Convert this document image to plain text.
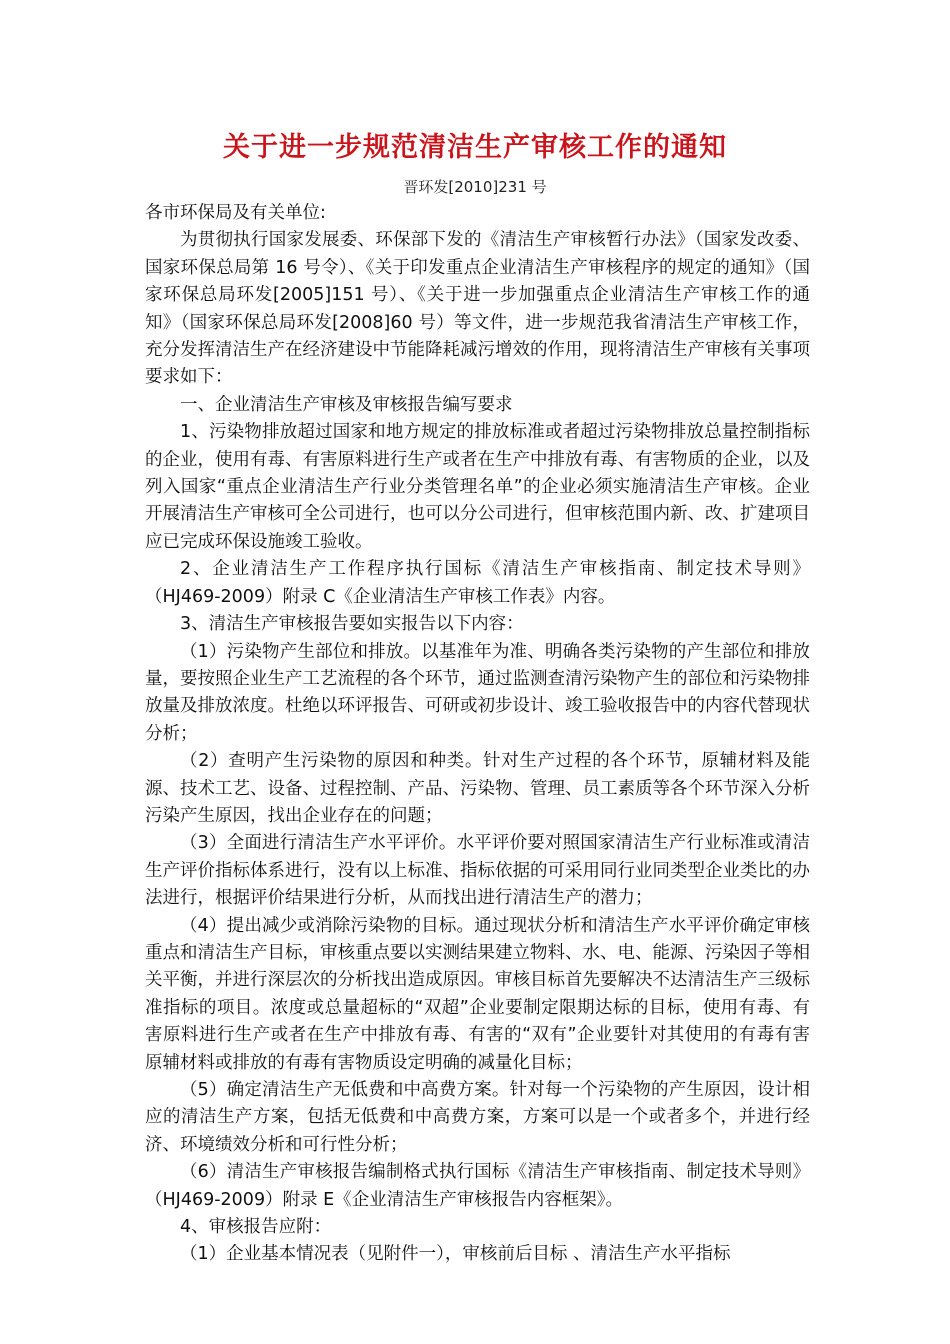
关于进一步规范清洁生产审核工作的通知
晋环发[2010]231 号

各市环保局及有关单位:

为贯彻执行国家发展委、环保部下发的《清洁生产审核暂行办法》（国家发改委、国家环保总局第 16 号令）、《关于印发重点企业清洁生产审核程序的规定的通知》（国家环保总局环发[2005]151 号）、《关于进一步加强重点企业清洁生产审核工作的通知》（国家环保总局环发[2008]60 号）等文件，进一步规范我省清洁生产审核工作，充分发挥清洁生产在经济建设中节能降耗减污增效的作用，现将清洁生产审核有关事项要求如下：

一、企业清洁生产审核及审核报告编写要求

1、污染物排放超过国家和地方规定的排放标准或者超过污染物排放总量控制指标的企业，使用有毒、有害原料进行生产或者在生产中排放有毒、有害物质的企业，以及列入国家“重点企业清洁生产行业分类管理名单”的企业必须实施清洁生产审核。企业开展清洁生产审核可全公司进行，也可以分公司进行，但审核范围内新、改、扩建项目应已完成环保设施竣工验收。

2、企业清洁生产工作程序执行国标《清洁生产审核指南、制定技术导则》（HJ469-2009）附录 C《企业清洁生产审核工作表》内容。

3、清洁生产审核报告要如实报告以下内容：

（1）污染物产生部位和排放。以基准年为准、明确各类污染物的产生部位和排放量，要按照企业生产工艺流程的各个环节，通过监测查清污染物产生的部位和污染物排放量及排放浓度。杜绝以环评报告、可研或初步设计、竣工验收报告中的内容代替现状分析；

（2）查明产生污染物的原因和种类。针对生产过程的各个环节，原辅材料及能源、技术工艺、设备、过程控制、产品、污染物、管理、员工素质等各个环节深入分析污染产生原因，找出企业存在的问题；

（3）全面进行清洁生产水平评价。水平评价要对照国家清洁生产行业标准或清洁生产评价指标体系进行，没有以上标准、指标依据的可采用同行业同类型企业类比的办法进行，根据评价结果进行分析，从而找出进行清洁生产的潜力；

（4）提出减少或消除污染物的目标。通过现状分析和清洁生产水平评价确定审核重点和清洁生产目标，审核重点要以实测结果建立物料、水、电、能源、污染因子等相关平衡，并进行深层次的分析找出造成原因。审核目标首先要解决不达清洁生产三级标准指标的项目。浓度或总量超标的“双超”企业要制定限期达标的目标，使用有毒、有害原料进行生产或者在生产中排放有毒、有害的“双有”企业要针对其使用的有毒有害原辅材料或排放的有毒有害物质设定明确的减量化目标；

（5）确定清洁生产无低费和中高费方案。针对每一个污染物的产生原因，设计相应的清洁生产方案，包括无低费和中高费方案，方案可以是一个或者多个，并进行经济、环境绩效分析和可行性分析；

（6）清洁生产审核报告编制格式执行国标《清洁生产审核指南、制定技术导则》（HJ469-2009）附录 E《企业清洁生产审核报告内容框架》。

4、审核报告应附：

（1）企业基本情况表（见附件一），审核前后目标 、清洁生产水平指标
